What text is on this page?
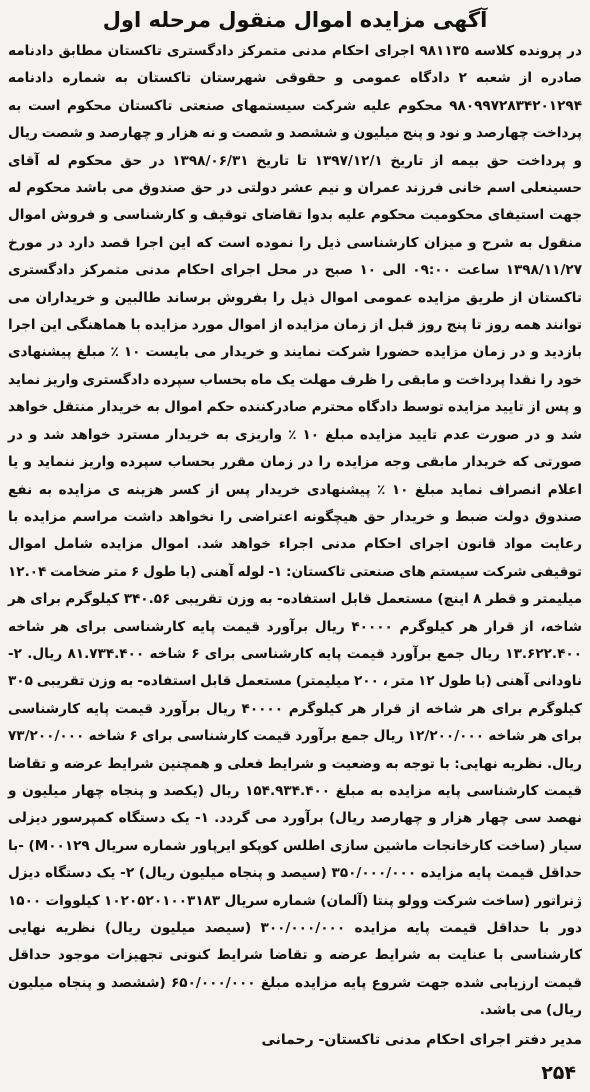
آگهی مزایده اموال منقول مرحله اول

در پرونده کلاسه ۹۸۱۱۳۵ اجرای احکام مدنی متمرکز دادگستری تاکستان مطابق دادنامه صادره از شعبه ۲ دادگاه عمومی و حقوقی شهرستان تاکستان به شماره دادنامه ۹۸۰۹۹۷۲۸۳۴۲۰۱۲۹۴ محکوم علیه شرکت سیستمهای صنعتی تاکستان محکوم است به پرداخت چهارصد و نود و پنج میلیون و ششصد و شصت و نه هزار و چهارصد و شصت ریال و پرداخت حق بیمه از تاریخ ۱۳۹۷/۱۲/۱ تا تاریخ ۱۳۹۸/۰۶/۳۱ در حق محکوم له آقای حسینعلی اسم خانی فرزند عمران و نیم عشر دولتی در حق صندوق می باشد محکوم له جهت استیفای محکومیت محکوم علیه بدوا تقاضای توقیف و کارشناسی و فروش اموال منقول به شرح و میزان کارشناسی ذیل را نموده است که این اجرا قصد دارد در مورخ ۱۳۹۸/۱۱/۲۷ ساعت ۰۹:۰۰ الی ۱۰ صبح در محل اجرای احکام مدنی متمرکز دادگستری تاکستان از طریق مزایده عمومی اموال ذیل را بفروش برساند طالبین و خریداران می توانند همه روز تا پنج روز قبل از زمان مزایده از اموال مورد مزایده با هماهنگی این اجرا بازدید و در زمان مزایده حضورا شرکت نمایند و خریدار می بایست ۱۰ ٪ مبلغ پیشنهادی خود را نقدا پرداخت و مابقی را ظرف مهلت یک ماه بحساب سپرده دادگستری واریز نماید و پس از تایید مزایده توسط دادگاه محترم صادرکننده حکم اموال به خریدار منتقل خواهد شد و در صورت عدم تایید مزایده مبلغ ۱۰ ٪ واریزی به خریدار مسترد خواهد شد و در صورتی که خریدار مابقی وجه مزایده را در زمان مقرر بحساب سپرده واریز ننماید و یا اعلام انصراف نماید مبلغ ۱۰ ٪ پیشنهادی خریدار پس از کسر هزینه ی مزایده به نفع صندوق دولت ضبط و خریدار حق هیچگونه اعتراضی را نخواهد داشت مراسم مزایده با رعایت مواد قانون اجرای احکام مدنی اجراء خواهد شد. اموال مزایده شامل اموال توقیفی شرکت سیستم های صنعتی تاکستان: ۱- لوله آهنی (با طول ۶ متر ضخامت ۱۲.۰۴ میلیمتر و قطر ۸ اینچ) مستعمل قابل استفاده- به وزن تقریبی ۳۴۰.۵۶ کیلوگرم برای هر شاخه، از قرار هر کیلوگرم ۴۰۰۰۰ ریال برآورد قیمت پایه کارشناسی برای هر شاخه ۱۳.۶۲۲.۴۰۰ ریال جمع برآورد قیمت پایه کارشناسی برای ۶ شاخه ۸۱.۷۳۴.۴۰۰ ریال. ۲- ناودانی آهنی (با طول ۱۲ متر ، ۲۰۰ میلیمتر) مستعمل قابل استفاده- به وزن تقریبی ۳۰۵ کیلوگرم برای هر شاخه از قرار هر کیلوگرم ۴۰۰۰۰ ریال برآورد قیمت پایه کارشناسی برای هر شاخه ۱۲/۲۰۰/۰۰۰ ریال جمع برآورد قیمت کارشناسی برای ۶ شاخه ۷۳/۲۰۰/۰۰۰ ریال. نظریه نهایی: با توجه به وضعیت و شرایط فعلی و همچنین شرایط عرضه و تقاضا قیمت کارشناسی پایه مزایده به مبلغ ۱۵۴.۹۳۴.۴۰۰ ریال (یکصد و پنجاه چهار میلیون و نهصد سی چهار هزار و چهارصد ریال) برآورد می گردد. ۱- یک دستگاه کمپرسور دیزلی سیار (ساخت کارخانجات ماشین سازی اطلس کوپکو ایرپاور شماره سریال M۰۰۱۲۹) -با حداقل قیمت پایه مزایده ۳۵۰/۰۰۰/۰۰۰ (سیصد و پنجاه میلیون ریال) ۲- یک دستگاه دیزل ژنراتور (ساخت شرکت وولو پنتا (آلمان) شماره سریال ۱۰۲۰۵۲۰۱۰۰۳۱۸۳ کیلووات ۱۵۰۰ دور با حداقل قیمت پایه مزایده ۳۰۰/۰۰۰/۰۰۰ (سیصد میلیون ریال) نظریه نهایی کارشناسی با عنایت به شرایط عرضه و تقاضا شرایط کنونی تجهیزات موجود حداقل قیمت ارزیابی شده جهت شروع پایه مزایده مبلغ ۶۵۰/۰۰۰/۰۰۰ (ششصد و پنجاه میلیون ریال) می باشد.

مدیر دفتر اجرای احکام مدنی تاکستان- رحمانی
۲۵۴
